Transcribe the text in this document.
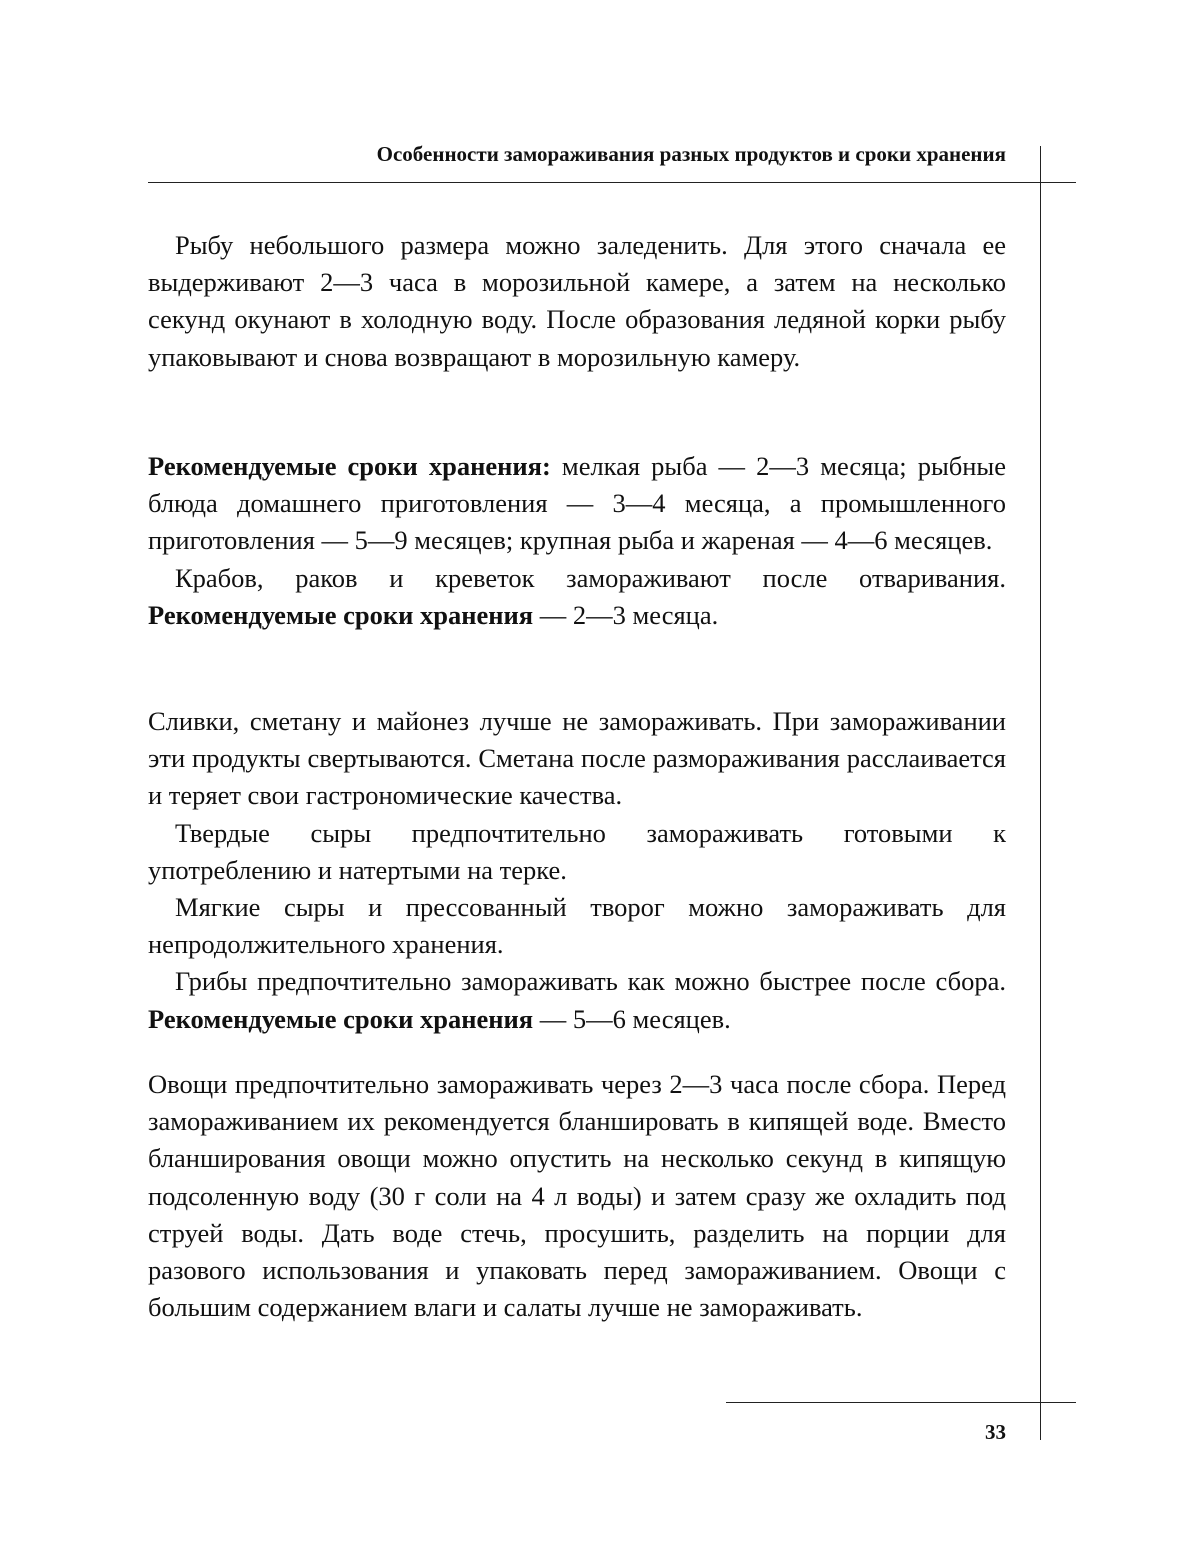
Особенности замораживания разных продуктов и сроки хранения

Рыбу небольшого размера можно заледенить. Для этого сначала ее выдерживают 2—3 часа в морозильной камере, а затем на несколько секунд окунают в холодную воду. После образования ледяной корки рыбу упаковывают и снова возвращают в морозильную камеру.

Рекомендуемые сроки хранения: мелкая рыба — 2—3 месяца; рыбные блюда домашнего приготовления — 3—4 месяца, а промышленного приготовления — 5—9 месяцев; крупная рыба и жареная — 4—6 месяцев.

Крабов, раков и креветок замораживают после отваривания. Рекомендуемые сроки хранения — 2—3 месяца.

Сливки, сметану и майонез лучше не замораживать. При замораживании эти продукты свертываются. Сметана после размораживания расслаивается и теряет свои гастрономические качества.

Твердые сыры предпочтительно замораживать готовыми к употреблению и натертыми на терке.

Мягкие сыры и прессованный творог можно замораживать для непродолжительного хранения.

Грибы предпочтительно замораживать как можно быстрее после сбора. Рекомендуемые сроки хранения — 5—6 месяцев.

Овощи предпочтительно замораживать через 2—3 часа после сбора. Перед замораживанием их рекомендуется бланшировать в кипящей воде. Вместо бланширования овощи можно опустить на несколько секунд в кипящую подсоленную воду (30 г соли на 4 л воды) и затем сразу же охладить под струей воды. Дать воде стечь, просушить, разделить на порции для разового использования и упаковать перед замораживанием. Овощи с большим содержанием влаги и салаты лучше не замораживать.

33
